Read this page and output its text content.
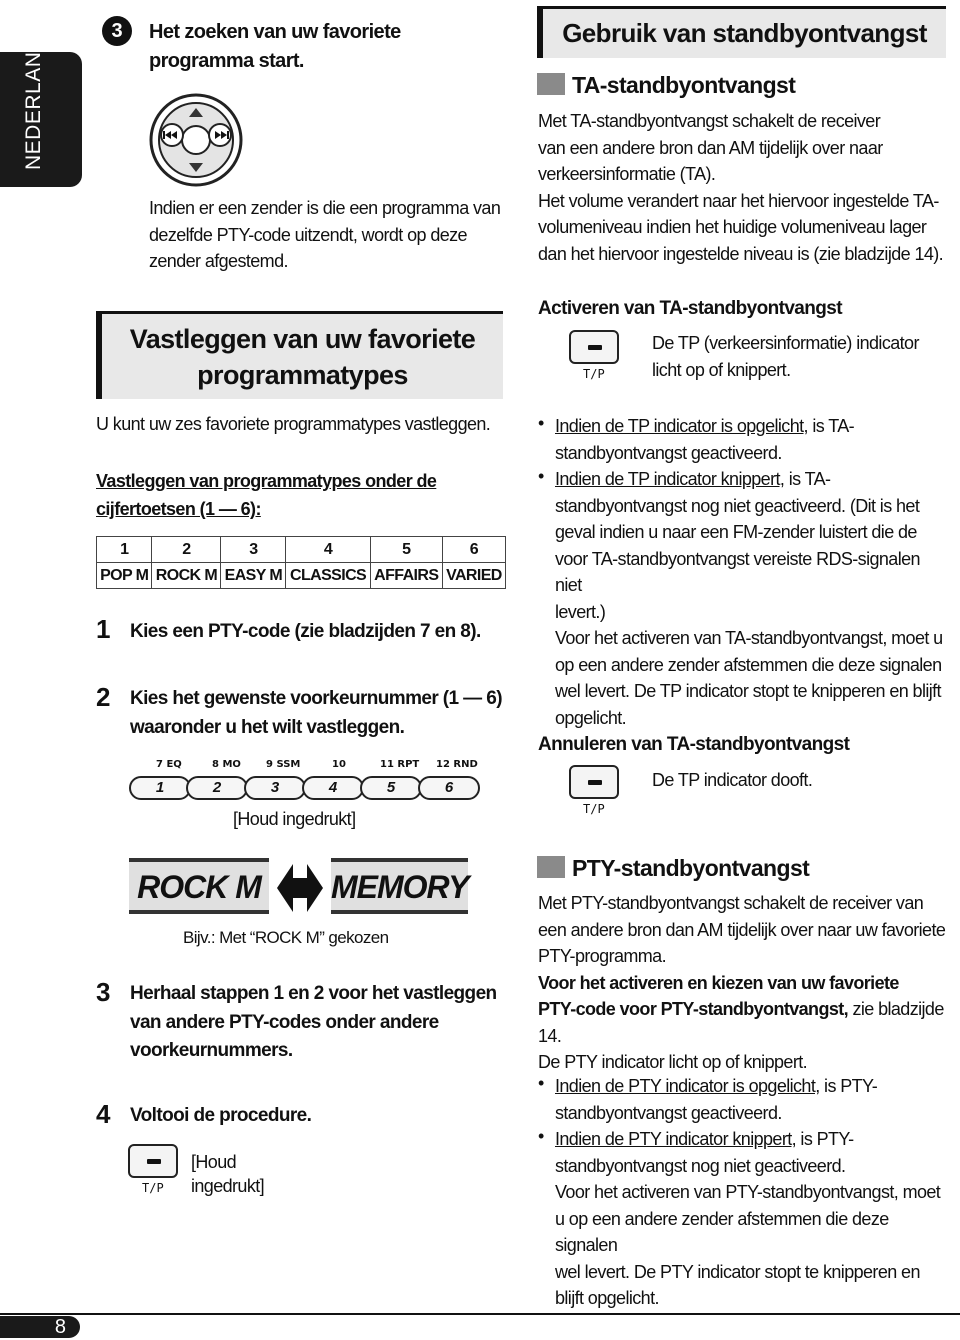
NEDERLANDS	3	Het zoeken van uw favoriete
programma start.
Indien er een zender is die een programma van
dezelfde PTY-code uitzendt, wordt op deze
zender afgestemd.
Vastleggen van uw favoriete
programmatypes
U kunt uw zes favoriete programmatypes vastleggen.
Vastleggen van programmatypes onder de
cijfertoetsen (1 — 6):
1	2	3	4	5	6
POP M	ROCK M	EASY M	CLASSICS	AFFAIRS	VARIED
1	Kies een PTY-code (zie bladzijden 7 en 8).
2	Kies het gewenste voorkeurnummer (1 — 6)
waaronder u het wilt vastleggen.
7 EQ	8 MO	9 SSM	10	11 RPT 12 RND
1	2	3	4	5	6
[Houd ingedrukt]
ROCK M MEMORY
Bijv.: Met “ROCK M” gekozen
3	Herhaal stappen 1 en 2 voor het vastleggen
van andere PTY-codes onder andere
voorkeurnummers.
4	Voltooi de procedure.
T/P
[Houd
ingedrukt]
Gebruik van standbyontvangst
TA-standbyontvangst
Met TA-standbyontvangst schakelt de receiver
van een andere bron dan AM tijdelijk over naar
verkeersinformatie (TA).
Het volume verandert naar het hiervoor ingestelde TA-
volumeniveau indien het huidige volumeniveau lager
dan het hiervoor ingestelde niveau is (zie bladzijde 14).
Activeren van TA-standbyontvangst
T/P
De TP (verkeersinformatie) indicator
licht op of knippert.
• Indien de TP indicator is opgelicht, is TA-
standbyontvangst geactiveerd.
• Indien de TP indicator knippert, is TA-
standbyontvangst nog niet geactiveerd. (Dit is het
geval indien u naar een FM-zender luistert die de
voor TA-standbyontvangst vereiste RDS-signalen niet
levert.)
Voor het activeren van TA-standbyontvangst, moet u
op een andere zender afstemmen die deze signalen
wel levert. De TP indicator stopt te knipperen en blijft
opgelicht.
Annuleren van TA-standbyontvangst
T/P
De TP indicator dooft.
PTY-standbyontvangst
Met PTY-standbyontvangst schakelt de receiver van
een andere bron dan AM tijdelijk over naar uw favoriete
PTY-programma.
Voor het activeren en kiezen van uw favoriete
PTY-code voor PTY-standbyontvangst, zie bladzijde
14.
De PTY indicator licht op of knippert.
• Indien de PTY indicator is opgelicht, is PTY-
standbyontvangst geactiveerd.
• Indien de PTY indicator knippert, is PTY-
standbyontvangst nog niet geactiveerd.
Voor het activeren van PTY-standbyontvangst, moet
u op een andere zender afstemmen die deze signalen
wel levert. De PTY indicator stopt te knipperen en
blijft opgelicht.
8
